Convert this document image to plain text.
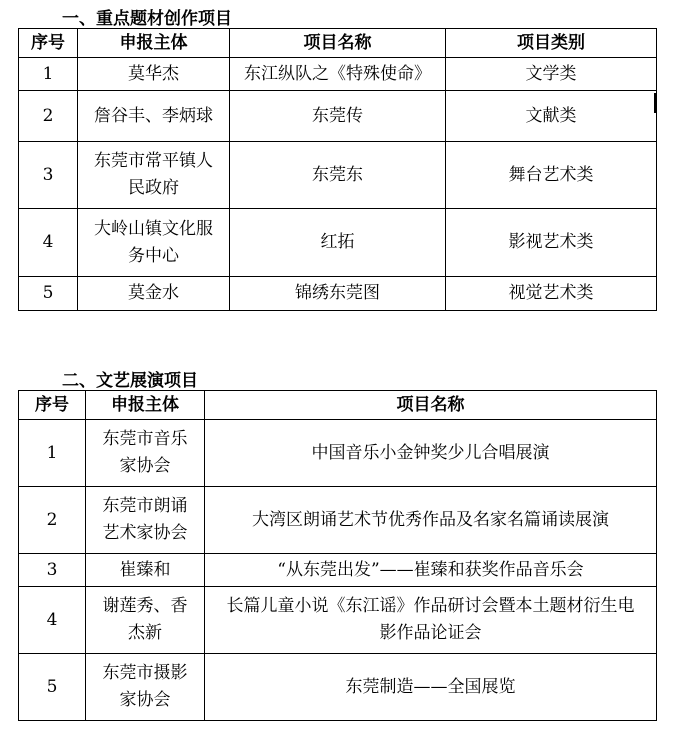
一、重点题材创作项目
序号	申报主体	项目名称	项目类别
1	莫华杰	东江纵队之《特殊使命》	文学类
2	詹谷丰、李炳球	东莞传	文献类
3	东莞市常平镇人民政府	东莞东	舞台艺术类
4	大岭山镇文化服务中心	红拓	影视艺术类
5	莫金水	锦绣东莞图	视觉艺术类
二、文艺展演项目
序号	申报主体	项目名称
1	东莞市音乐家协会	中国音乐小金钟奖少儿合唱展演
2	东莞市朗诵艺术家协会	大湾区朗诵艺术节优秀作品及名家名篇诵读展演
3	崔臻和	“从东莞出发”——崔臻和获奖作品音乐会
4	谢莲秀、香杰新	长篇儿童小说《东江谣》作品研讨会暨本土题材衍生电影作品论证会
5	东莞市摄影家协会	东莞制造——全国展览
